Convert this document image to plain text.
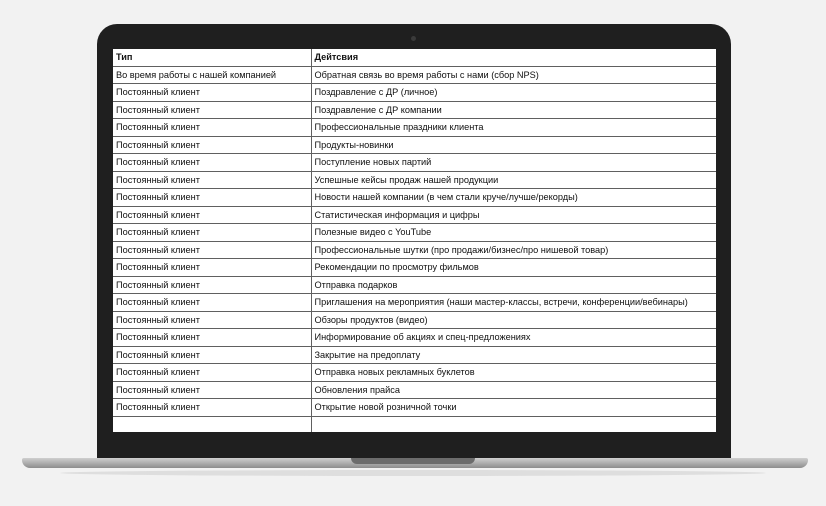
Тип	Дейтсвия
Во время работы с нашей компанией	Обратная связь во время работы с нами (сбор NPS)
Постоянный клиент	Поздравление с ДР (личное)
Постоянный клиент	Поздравление с ДР компании
Постоянный клиент	Профессиональные праздники клиента
Постоянный клиент	Продукты-новинки
Постоянный клиент	Поступление новых партий
Постоянный клиент	Успешные кейсы продаж нашей продукции
Постоянный клиент	Новости нашей компании (в чем стали круче/лучше/рекорды)
Постоянный клиент	Статистическая информация и цифры
Постоянный клиент	Полезные видео с YouTube
Постоянный клиент	Профессиональные шутки (про продажи/бизнес/про нишевой товар)
Постоянный клиент	Рекомендации по просмотру фильмов
Постоянный клиент	Отправка подарков
Постоянный клиент	Приглашения на мероприятия (наши мастер-классы, встречи, конференции/вебинары)
Постоянный клиент	Обзоры продуктов (видео)
Постоянный клиент	Информирование об акциях и спец-предложениях
Постоянный клиент	Закрытие на предоплату
Постоянный клиент	Отправка новых рекламных буклетов
Постоянный клиент	Обновления прайса
Постоянный клиент	Открытие новой розничной точки
